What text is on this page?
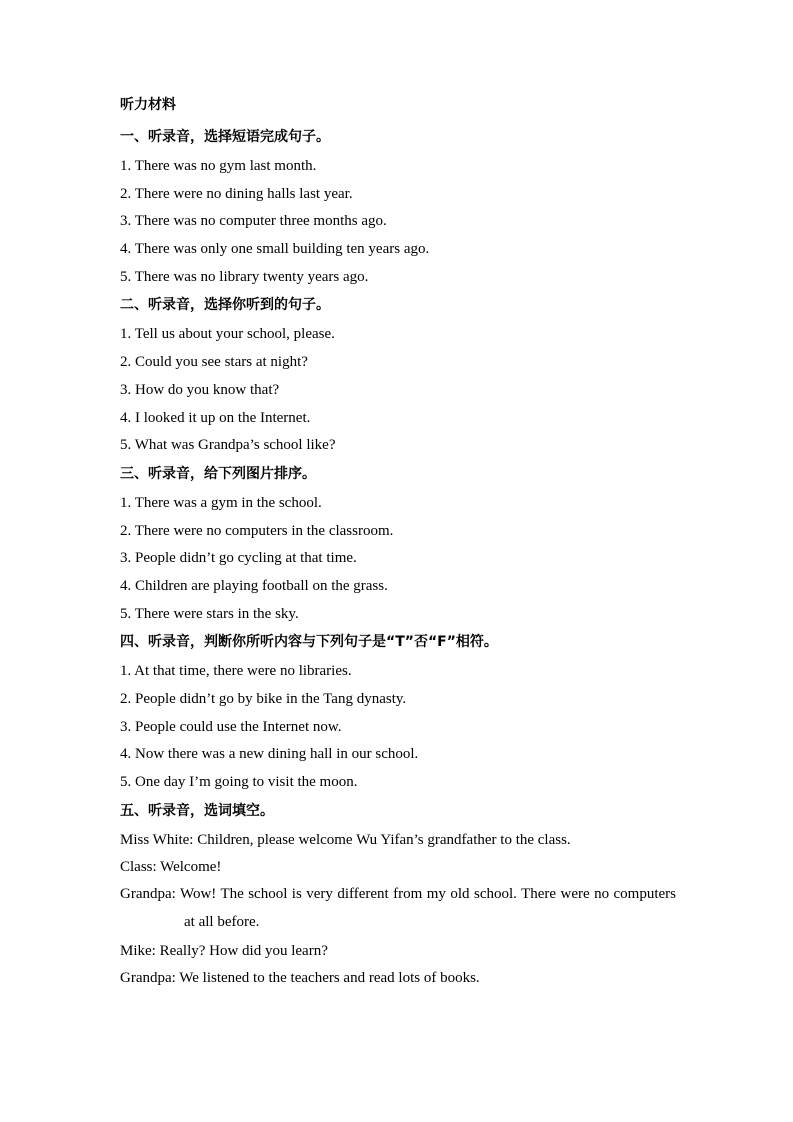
听力材料
一、听录音，选择短语完成句子。
1. There was no gym last month.
2. There were no dining halls last year.
3. There was no computer three months ago.
4. There was only one small building ten years ago.
5. There was no library twenty years ago.
二、听录音，选择你听到的句子。
1. Tell us about your school, please.
2. Could you see stars at night?
3. How do you know that?
4. I looked it up on the Internet.
5. What was Grandpa’s school like?
三、听录音，给下列图片排序。
1. There was a gym in the school.
2. There were no computers in the classroom.
3. People didn’t go cycling at that time.
4. Children are playing football on the grass.
5. There were stars in the sky.
四、听录音，判断你所听内容与下列句子是“T”否“F”相符。
1. At that time, there were no libraries.
2. People didn’t go by bike in the Tang dynasty.
3. People could use the Internet now.
4. Now there was a new dining hall in our school.
5. One day I’m going to visit the moon.
五、听录音，选词填空。
Miss White: Children, please welcome Wu Yifan’s grandfather to the class.
Class: Welcome!
Grandpa: Wow! The school is very different from my old school. There were no computers at all before.
Mike: Really? How did you learn?
Grandpa: We listened to the teachers and read lots of books.
